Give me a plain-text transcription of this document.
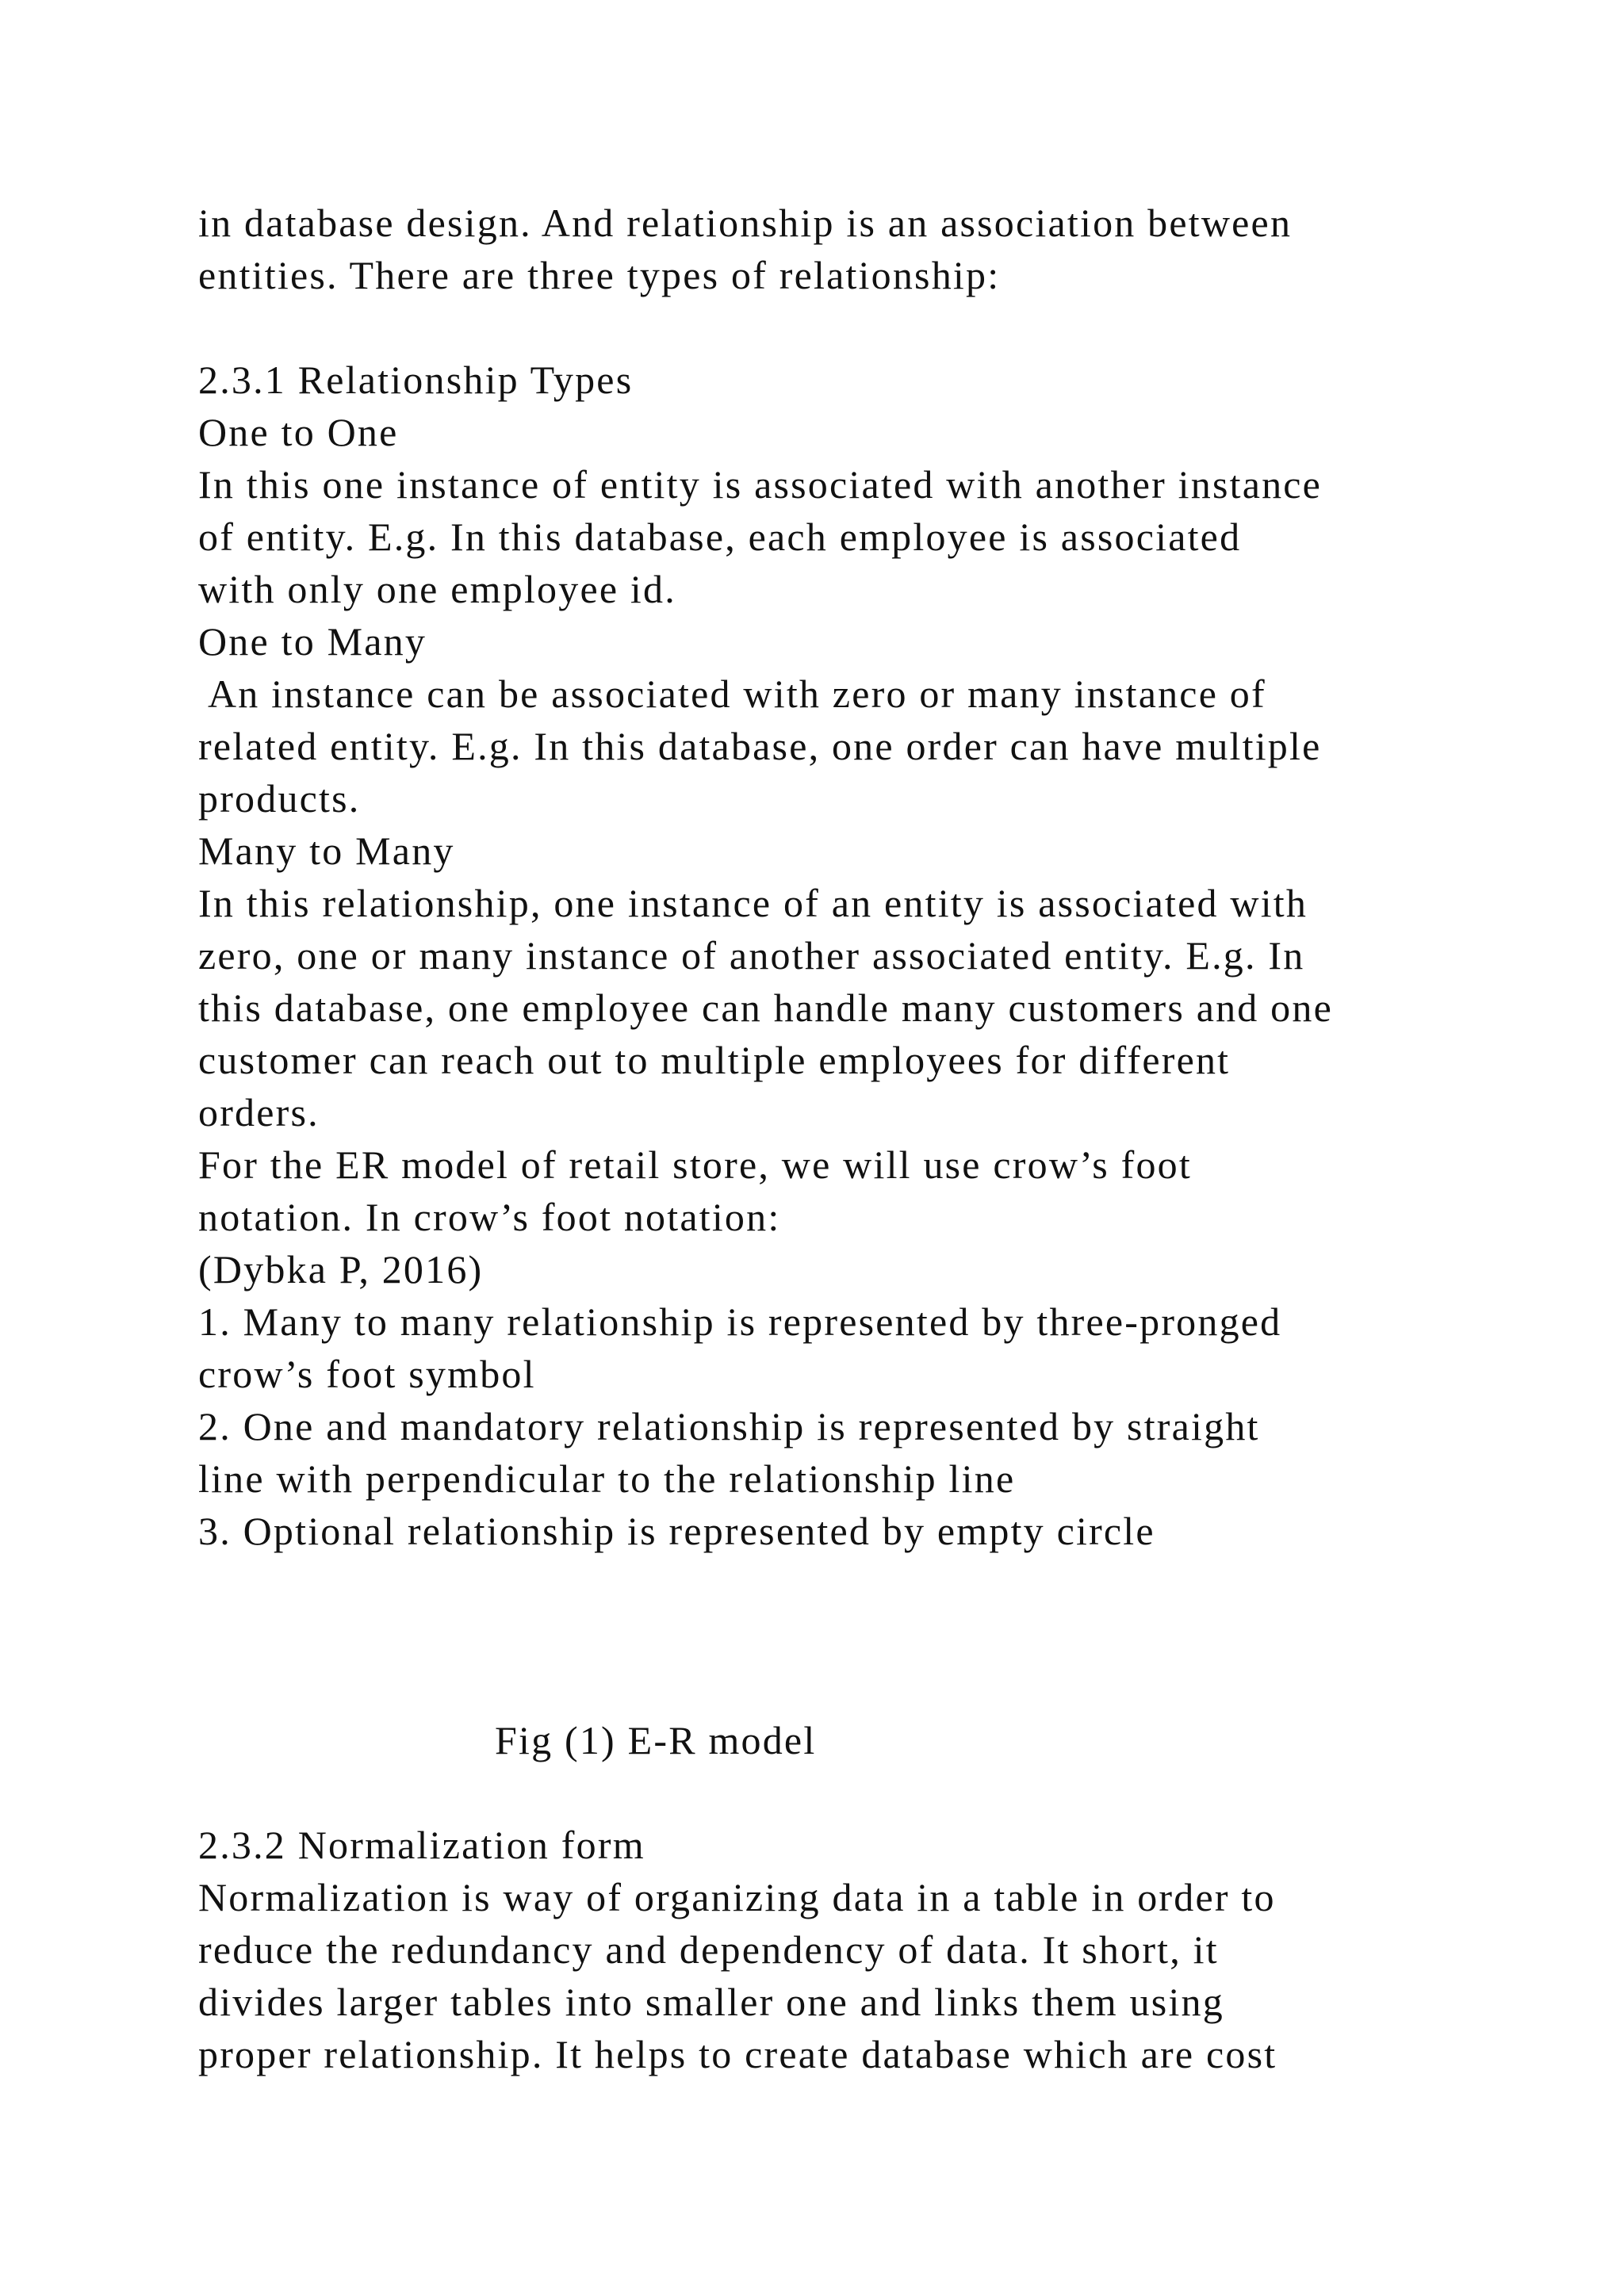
in database design. And relationship is an association between
entities. There are three types of relationship:
2.3.1 Relationship Types
One to One
In this one instance of entity is associated with another instance
of entity. E.g. In this database, each employee is associated
with only one employee id.
One to Many
An instance can be associated with zero or many instance of
related entity. E.g. In this database, one order can have multiple
products.
Many to Many
In this relationship, one instance of an entity is associated with
zero, one or many instance of another associated entity. E.g. In
this database, one employee can handle many customers and one
customer can reach out to multiple employees for different
orders.
For the ER model of retail store, we will use crow’s foot
notation. In crow’s foot notation:
(Dybka P, 2016)
1. Many to many relationship is represented by three-pronged
crow’s foot symbol
2. One and mandatory relationship is represented by straight
line with perpendicular to the relationship line
3. Optional relationship is represented by empty circle
Fig (1) E-R model
2.3.2 Normalization form
Normalization is way of organizing data in a table in order to
reduce the redundancy and dependency of data. It short, it
divides larger tables into smaller one and links them using
proper relationship. It helps to create database which are cost
